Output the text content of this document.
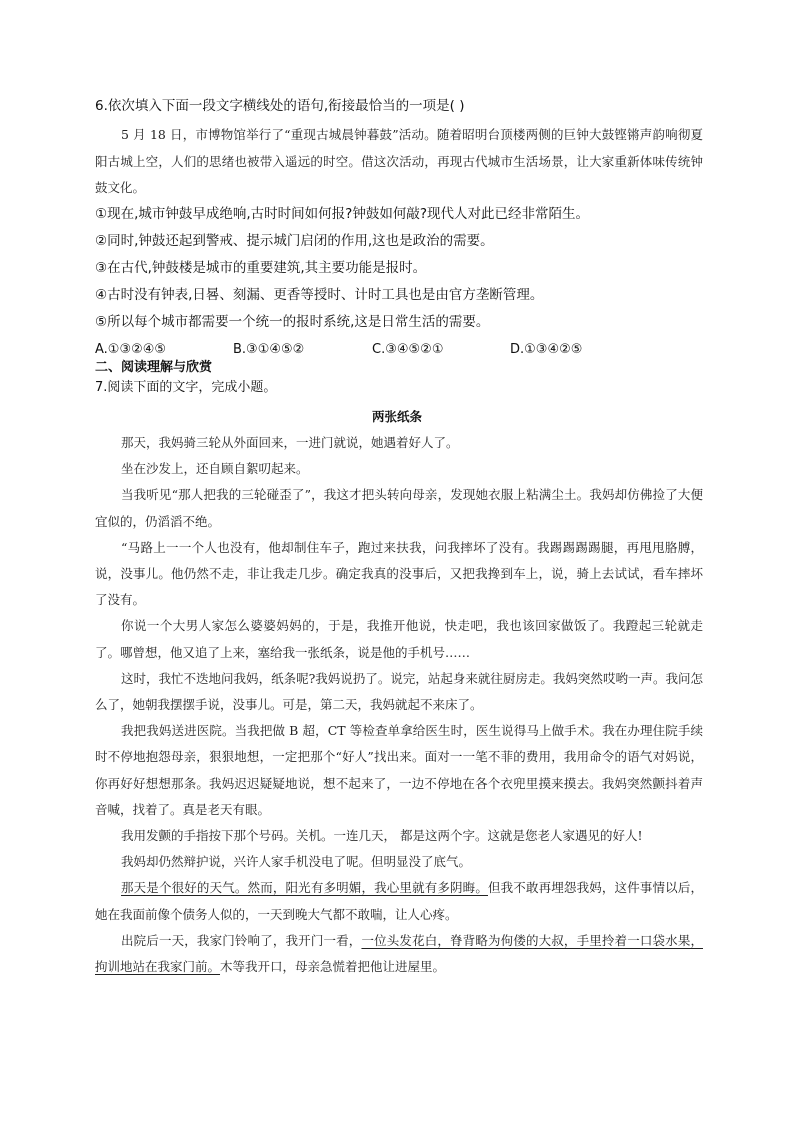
6.依次填入下面一段文字横线处的语句,衔接最恰当的一项是( )
5 月 18 日，市博物馆举行了“重现古城晨钟暮鼓”活动。随着昭明台顶楼两侧的巨钟大鼓铿锵声韵响彻夏阳古城上空，人们的思绪也被带入遥远的时空。借这次活动，再现古代城市生活场景，让大家重新体味传统钟鼓文化。
①现在,城市钟鼓早成绝响,古时时间如何报?钟鼓如何敲?现代人对此已经非常陌生。
②同时,钟鼓还起到警戒、提示城门启闭的作用,这也是政治的需要。
③在古代,钟鼓楼是城市的重要建筑,其主要功能是报时。
④古时没有钟表,日晷、刻漏、更香等授时、计时工具也是由官方垄断管理。
⑤所以每个城市都需要一个统一的报时系统,这是日常生活的需要。
A.①③②④⑤	B.③①④⑤②	C.③④⑤②①	D.①③④②⑤
二、阅读理解与欣赏
7.阅读下面的文字，完成小题。
两张纸条

那天，我妈骑三轮从外面回来，一进门就说，她遇着好人了。

坐在沙发上，还自顾自絮叨起来。

当我听见“那人把我的三轮碰歪了”，我这才把头转向母亲，发现她衣服上粘满尘土。我妈却仿佛捡了大便宜似的，仍滔滔不绝。

“马路上一一个人也没有，他却制住车子，跑过来扶我，问我摔坏了没有。我踢踢踢踢腿，再甩甩胳膊，说，没事儿。他仍然不走，非让我走几步。确定我真的没事后，又把我搀到车上，说，骑上去试试，看车摔坏了没有。

你说一个大男人家怎么婆婆妈妈的，于是，我推开他说，快走吧，我也该回家做饭了。我蹬起三轮就走了。哪曾想，他又追了上来，塞给我一张纸条，说是他的手机号……

这时，我忙不迭地问我妈，纸条呢?我妈说扔了。说完，站起身来就往厨房走。我妈突然哎哟一声。我问怎么了，她朝我摆摆手说，没事儿。可是，第二天，我妈就起不来床了。

我把我妈送进医院。当我把做 B 超，CT 等检查单拿给医生时，医生说得马上做手术。我在办理住院手续时不停地抱怨母亲，狠狠地想，一定把那个“好人”找出来。面对一一笔不菲的费用，我用命令的语气对妈说，你再好好想想那条。我妈迟迟疑疑地说，想不起来了，一边不停地在各个衣兜里摸来摸去。我妈突然颤抖着声音喊，找着了。真是老天有眼。

我用发颤的手指按下那个号码。关机。一连几天， 都是这两个字。这就是您老人家遇见的好人!

我妈却仍然辩护说，兴许人家手机没电了呢。但明显没了底气。

那天是个很好的天气。然而，阳光有多明媚，我心里就有多阴晦。但我不敢再埋怨我妈，这件事情以后，她在我面前像个债务人似的，一天到晚大气都不敢喘，让人心疼。

出院后一天，我家门铃响了，我开门一看，一位头发花白，脊背略为佝偻的大叔，手里拎着一口袋水果，拘训地站在我家门前。木等我开口，母亲急慌着把他让进屋里。
